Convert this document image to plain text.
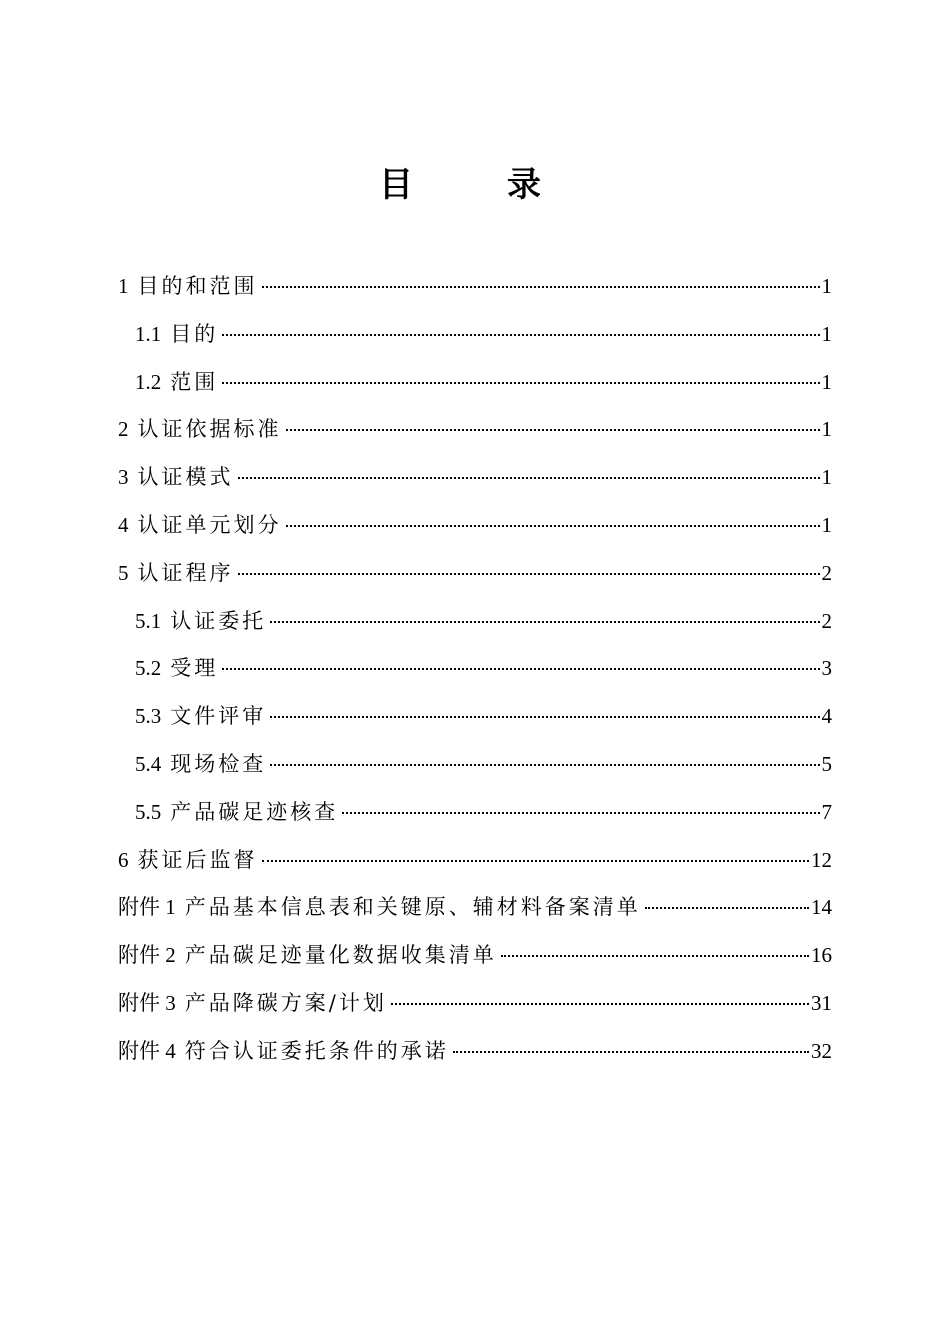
目　录
1 目的和范围	1
1.1 目的	1
1.2 范围	1
2 认证依据标准	1
3 认证模式	1
4 认证单元划分	1
5 认证程序	2
5.1 认证委托	2
5.2 受理	3
5.3 文件评审	4
5.4 现场检查	5
5.5 产品碳足迹核查	7
6 获证后监督	12
附件 1 产品基本信息表和关键原、辅材料备案清单	14
附件 2 产品碳足迹量化数据收集清单	16
附件 3 产品降碳方案/计划	31
附件 4 符合认证委托条件的承诺	32
